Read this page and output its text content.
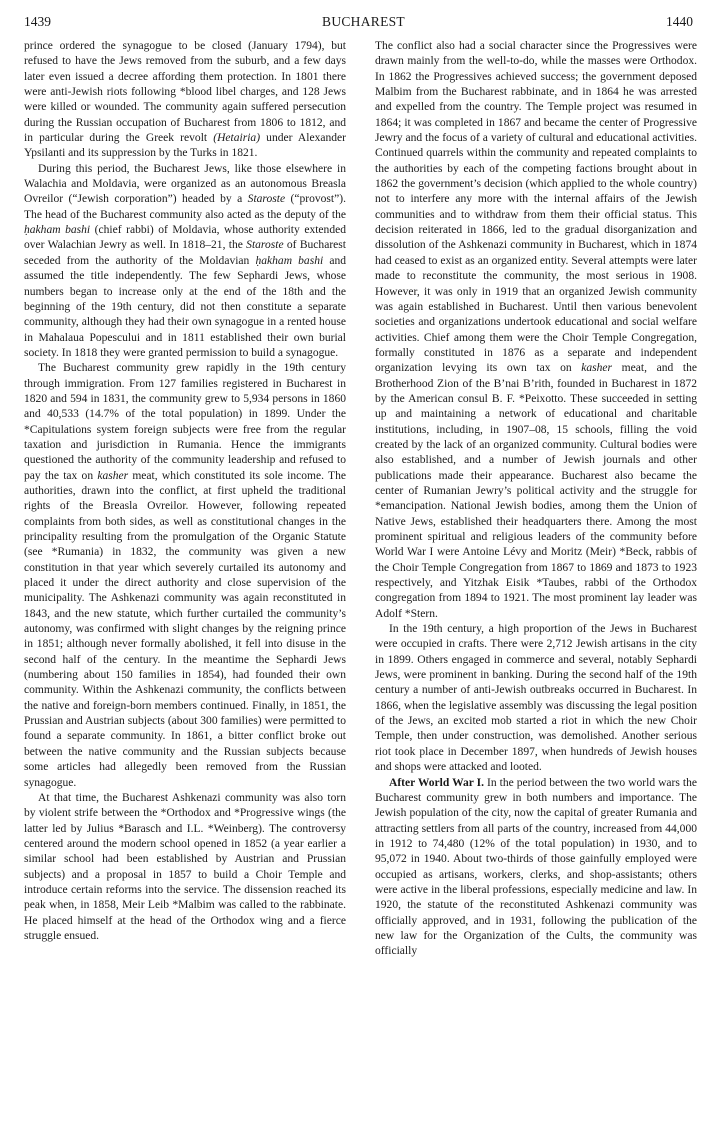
1439	BUCHAREST	1440

prince ordered the synagogue to be closed (January 1794), but refused to have the Jews removed from the suburb, and a few days later even issued a decree affording them protection. In 1801 there were anti-Jewish riots following *blood libel charges, and 128 Jews were killed or wounded. The community again suffered persecution during the Russian occupation of Bucharest from 1806 to 1812, and in particular during the Greek revolt (Hetairia) under Alexander Ypsilanti and its suppression by the Turks in 1821.

During this period, the Bucharest Jews, like those elsewhere in Walachia and Moldavia, were organized as an autonomous Breasla Ovreilor (“Jewish corporation”) headed by a Staroste (“provost”). The head of the Bucharest community also acted as the deputy of the ḥakham bashi (chief rabbi) of Moldavia, whose authority extended over Walachian Jewry as well. In 1818–21, the Staroste of Bucharest seceded from the authority of the Moldavian ḥakham bashi and assumed the title independently. The few Sephardi Jews, whose numbers began to increase only at the end of the 18th and the beginning of the 19th century, did not then constitute a separate community, although they had their own synagogue in a rented house in Mahalaua Popescului and in 1811 established their own burial society. In 1818 they were granted permission to build a synagogue.

The Bucharest community grew rapidly in the 19th century through immigration. From 127 families registered in Bucharest in 1820 and 594 in 1831, the community grew to 5,934 persons in 1860 and 40,533 (14.7% of the total population) in 1899. Under the *Capitulations system foreign subjects were free from the regular taxation and jurisdiction in Rumania. Hence the immigrants questioned the authority of the community leadership and refused to pay the tax on kasher meat, which constituted its sole income. The authorities, drawn into the conflict, at first upheld the traditional rights of the Breasla Ovreilor. However, following repeated complaints from both sides, as well as constitutional changes in the principality resulting from the promulgation of the Organic Statute (see *Rumania) in 1832, the community was given a new constitution in that year which severely curtailed its autonomy and placed it under the direct authority and close supervision of the municipality. The Ashkenazi community was again reconstituted in 1843, and the new statute, which further curtailed the community’s autonomy, was confirmed with slight changes by the reigning prince in 1851; although never formally abolished, it fell into disuse in the second half of the century. In the meantime the Sephardi Jews (numbering about 150 families in 1854), had founded their own community. Within the Ashkenazi community, the conflicts between the native and foreign-born members continued. Finally, in 1851, the Prussian and Austrian subjects (about 300 families) were permitted to found a separate community. In 1861, a bitter conflict broke out between the native community and the Russian subjects because some articles had allegedly been removed from the Russian synagogue.

At that time, the Bucharest Ashkenazi community was also torn by violent strife between the *Orthodox and *Progressive wings (the latter led by Julius *Barasch and I.L. *Weinberg). The controversy centered around the modern school opened in 1852 (a year earlier a similar school had been established by Austrian and Prussian subjects) and a proposal in 1857 to build a Choir Temple and introduce certain reforms into the service. The dissension reached its peak when, in 1858, Meir Leib *Malbim was called to the rabbinate. He placed himself at the head of the Orthodox wing and a fierce struggle ensued.

The conflict also had a social character since the Progressives were drawn mainly from the well-to-do, while the masses were Orthodox. In 1862 the Progressives achieved success; the government deposed Malbim from the Bucharest rabbinate, and in 1864 he was arrested and expelled from the country. The Temple project was resumed in 1864; it was completed in 1867 and became the center of Progressive Jewry and the focus of a variety of cultural and educational activities. Continued quarrels within the community and repeated complaints to the authorities by each of the competing factions brought about in 1862 the government’s decision (which applied to the whole country) not to interfere any more with the internal affairs of the Jewish communities and to withdraw from them their official status. This decision reiterated in 1866, led to the gradual disorganization and dissolution of the Ashkenazi community in Bucharest, which in 1874 had ceased to exist as an organized entity. Several attempts were later made to reconstitute the community, the most serious in 1908. However, it was only in 1919 that an organized Jewish community was again established in Bucharest. Until then various benevolent societies and organizations undertook educational and social welfare activities. Chief among them were the Choir Temple Congregation, formally constituted in 1876 as a separate and independent organization levying its own tax on kasher meat, and the Brotherhood Zion of the B’nai B’rith, founded in Bucharest in 1872 by the American consul B. F. *Peixotto. These succeeded in setting up and maintaining a network of educational and charitable institutions, including, in 1907–08, 15 schools, filling the void created by the lack of an organized community. Cultural bodies were also established, and a number of Jewish journals and other publications made their appearance. Bucharest also became the center of Rumanian Jewry’s political activity and the struggle for *emancipation. National Jewish bodies, among them the Union of Native Jews, established their headquarters there. Among the most prominent spiritual and religious leaders of the community before World War I were Antoine Lévy and Moritz (Meir) *Beck, rabbis of the Choir Temple Congregation from 1867 to 1869 and 1873 to 1923 respectively, and Yitzhak Eisik *Taubes, rabbi of the Orthodox congregation from 1894 to 1921. The most prominent lay leader was Adolf *Stern.

In the 19th century, a high proportion of the Jews in Bucharest were occupied in crafts. There were 2,712 Jewish artisans in the city in 1899. Others engaged in commerce and several, notably Sephardi Jews, were prominent in banking. During the second half of the 19th century a number of anti-Jewish outbreaks occurred in Bucharest. In 1866, when the legislative assembly was discussing the legal position of the Jews, an excited mob started a riot in which the new Choir Temple, then under construction, was demolished. Another serious riot took place in December 1897, when hundreds of Jewish houses and shops were attacked and looted.

After World War I. In the period between the two world wars the Bucharest community grew in both numbers and importance. The Jewish population of the city, now the capital of greater Rumania and attracting settlers from all parts of the country, increased from 44,000 in 1912 to 74,480 (12% of the total population) in 1930, and to 95,072 in 1940. About two-thirds of those gainfully employed were occupied as artisans, workers, clerks, and shop-assistants; others were active in the liberal professions, especially medicine and law. In 1920, the statute of the reconstituted Ashkenazi community was officially approved, and in 1931, following the publication of the new law for the Organization of the Cults, the community was officially
